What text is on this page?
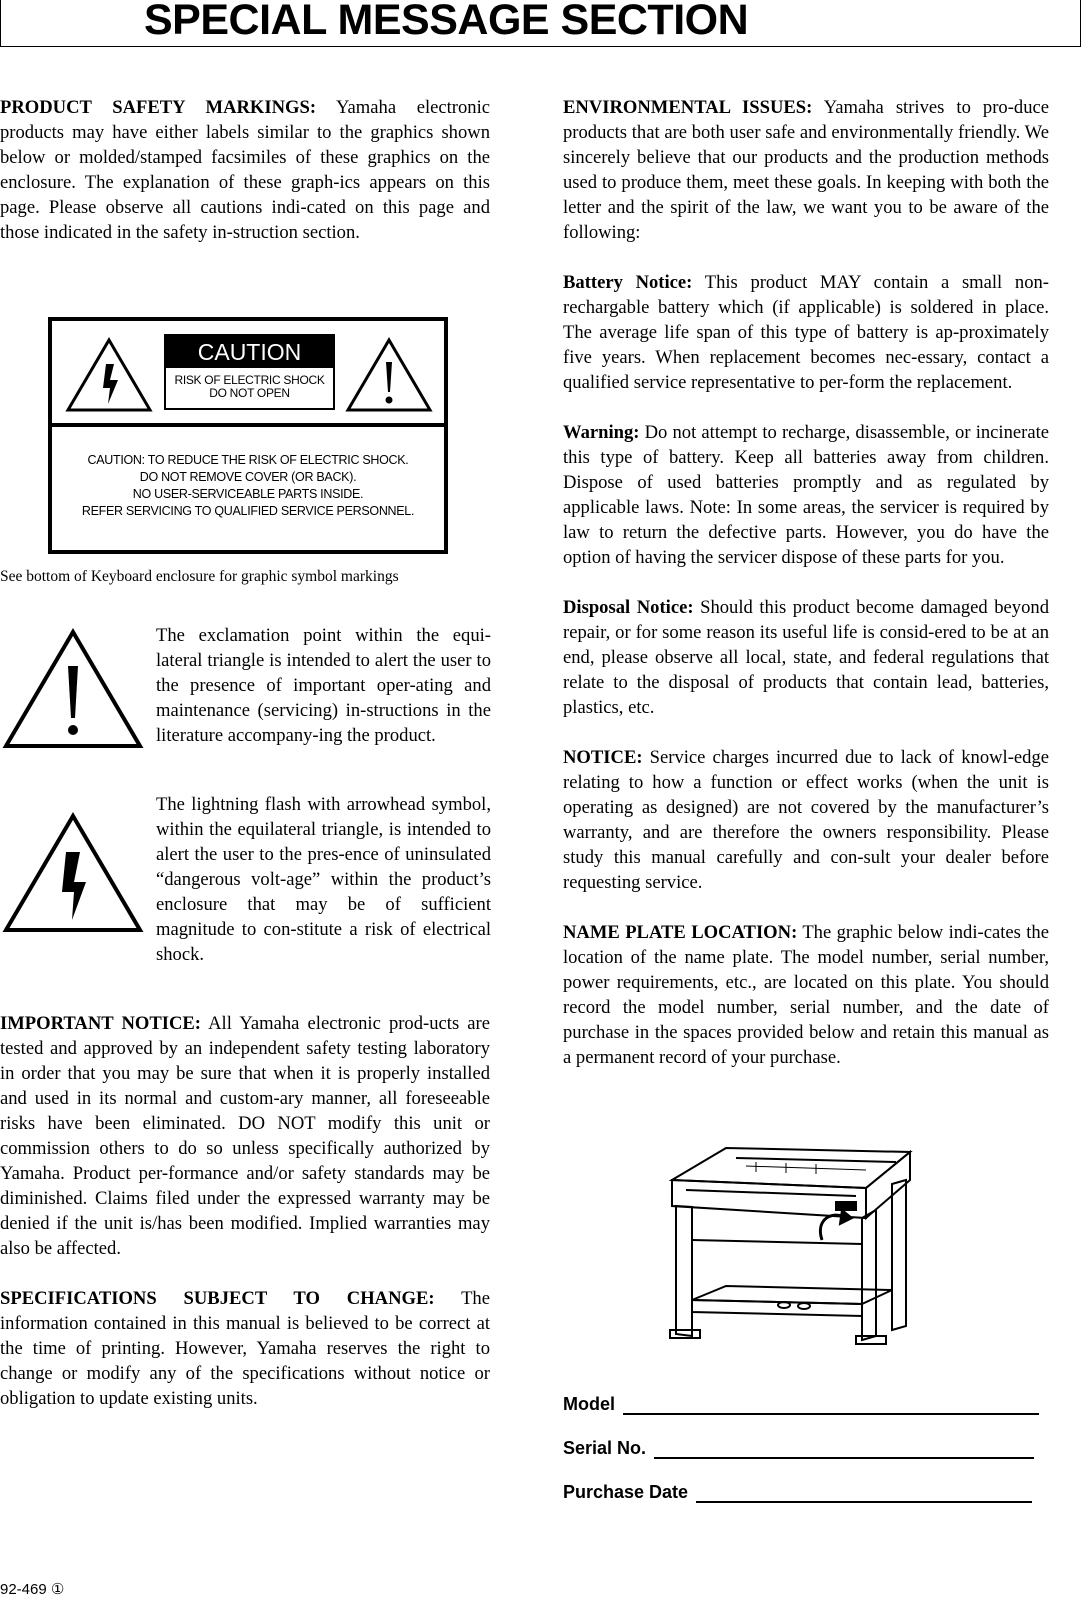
SPECIAL MESSAGE SECTION

PRODUCT SAFETY MARKINGS: Yamaha electronic products may have either labels similar to the graphics shown below or molded/stamped facsimiles of these graphics on the enclosure. The explanation of these graph-ics appears on this page. Please observe all cautions indi-cated on this page and those indicated in the safety in-struction section.

CAUTION
RISK OF ELECTRIC SHOCK
DO NOT OPEN
CAUTION: TO REDUCE THE RISK OF ELECTRIC SHOCK.
DO NOT REMOVE COVER (OR BACK).
NO USER-SERVICEABLE PARTS INSIDE.
REFER SERVICING TO QUALIFIED SERVICE PERSONNEL.
See bottom of Keyboard enclosure for graphic symbol markings
The exclamation point within the equi-lateral triangle is intended to alert the user to the presence of important oper-ating and maintenance (servicing) in-structions in the literature accompany-ing the product.
The lightning flash with arrowhead symbol, within the equilateral triangle, is intended to alert the user to the pres-ence of uninsulated “dangerous volt-age” within the product’s enclosure that may be of sufficient magnitude to con-stitute a risk of electrical shock.

IMPORTANT NOTICE: All Yamaha electronic prod-ucts are tested and approved by an independent safety testing laboratory in order that you may be sure that when it is properly installed and used in its normal and custom-ary manner, all foreseeable risks have been eliminated. DO NOT modify this unit or commission others to do so unless specifically authorized by Yamaha. Product per-formance and/or safety standards may be diminished. Claims filed under the expressed warranty may be denied if the unit is/has been modified. Implied warranties may also be affected.

SPECIFICATIONS SUBJECT TO CHANGE: The information contained in this manual is believed to be correct at the time of printing. However, Yamaha reserves the right to change or modify any of the specifications without notice or obligation to update existing units.

ENVIRONMENTAL ISSUES: Yamaha strives to pro-duce products that are both user safe and environmentally friendly. We sincerely believe that our products and the production methods used to produce them, meet these goals. In keeping with both the letter and the spirit of the law, we want you to be aware of the following:

Battery Notice: This product MAY contain a small non-rechargable battery which (if applicable) is soldered in place. The average life span of this type of battery is ap-proximately five years. When replacement becomes nec-essary, contact a qualified service representative to per-form the replacement.

Warning: Do not attempt to recharge, disassemble, or incinerate this type of battery. Keep all batteries away from children. Dispose of used batteries promptly and as regulated by applicable laws. Note: In some areas, the servicer is required by law to return the defective parts. However, you do have the option of having the servicer dispose of these parts for you.

Disposal Notice: Should this product become damaged beyond repair, or for some reason its useful life is consid-ered to be at an end, please observe all local, state, and federal regulations that relate to the disposal of products that contain lead, batteries, plastics, etc.

NOTICE: Service charges incurred due to lack of knowl-edge relating to how a function or effect works (when the unit is operating as designed) are not covered by the manufacturer’s warranty, and are therefore the owners responsibility. Please study this manual carefully and con-sult your dealer before requesting service.

NAME PLATE LOCATION: The graphic below indi-cates the location of the name plate. The model number, serial number, power requirements, etc., are located on this plate. You should record the model number, serial number, and the date of purchase in the spaces provided below and retain this manual as a permanent record of your purchase.

Model
Serial No.
Purchase Date
92-469 ①
